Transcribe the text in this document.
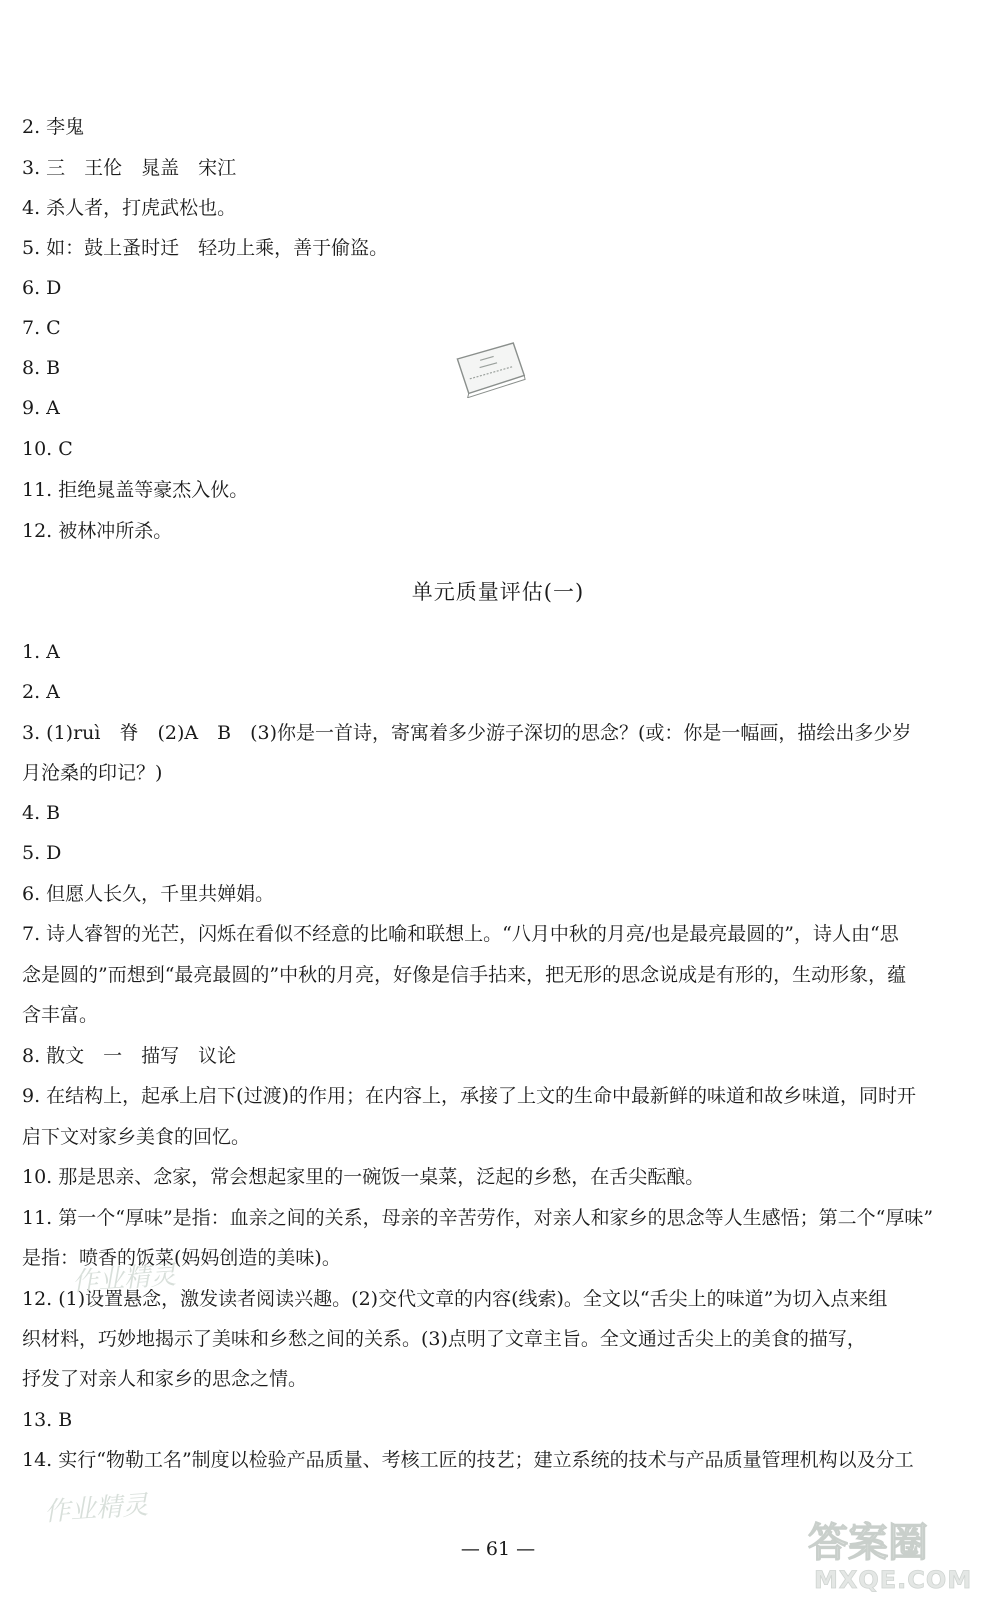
2. 李鬼
3. 三　王伦　晁盖　宋江
4. 杀人者，打虎武松也。
5. 如：鼓上蚤时迁　轻功上乘，善于偷盗。
6. D
7. C
8. B
9. A
10. C
11. 拒绝晁盖等豪杰入伙。
12. 被林冲所杀。
单元质量评估(一)
1. A
2. A
3. (1)ruì　脊　(2)A　B　(3)你是一首诗，寄寓着多少游子深切的思念？(或：你是一幅画，描绘出多少岁
月沧桑的印记？)
4. B
5. D
6. 但愿人长久，千里共婵娟。
7. 诗人睿智的光芒，闪烁在看似不经意的比喻和联想上。“八月中秋的月亮/也是最亮最圆的”，诗人由“思
念是圆的”而想到“最亮最圆的”中秋的月亮，好像是信手拈来，把无形的思念说成是有形的，生动形象，蕴
含丰富。
8. 散文　一　描写　议论
9. 在结构上，起承上启下(过渡)的作用；在内容上，承接了上文的生命中最新鲜的味道和故乡味道，同时开
启下文对家乡美食的回忆。
10. 那是思亲、念家，常会想起家里的一碗饭一桌菜，泛起的乡愁，在舌尖酝酿。
11. 第一个“厚味”是指：血亲之间的关系，母亲的辛苦劳作，对亲人和家乡的思念等人生感悟；第二个“厚味”
是指：喷香的饭菜(妈妈创造的美味)。
12. (1)设置悬念，激发读者阅读兴趣。(2)交代文章的内容(线索)。全文以“舌尖上的味道”为切入点来组
织材料，巧妙地揭示了美味和乡愁之间的关系。(3)点明了文章主旨。全文通过舌尖上的美食的描写，
抒发了对亲人和家乡的思念之情。
13. B
14. 实行“物勒工名”制度以检验产品质量、考核工匠的技艺；建立系统的技术与产品质量管理机构以及分工
作业精灵
作业精灵
— 61 —	答案圈
MXQE.COM
